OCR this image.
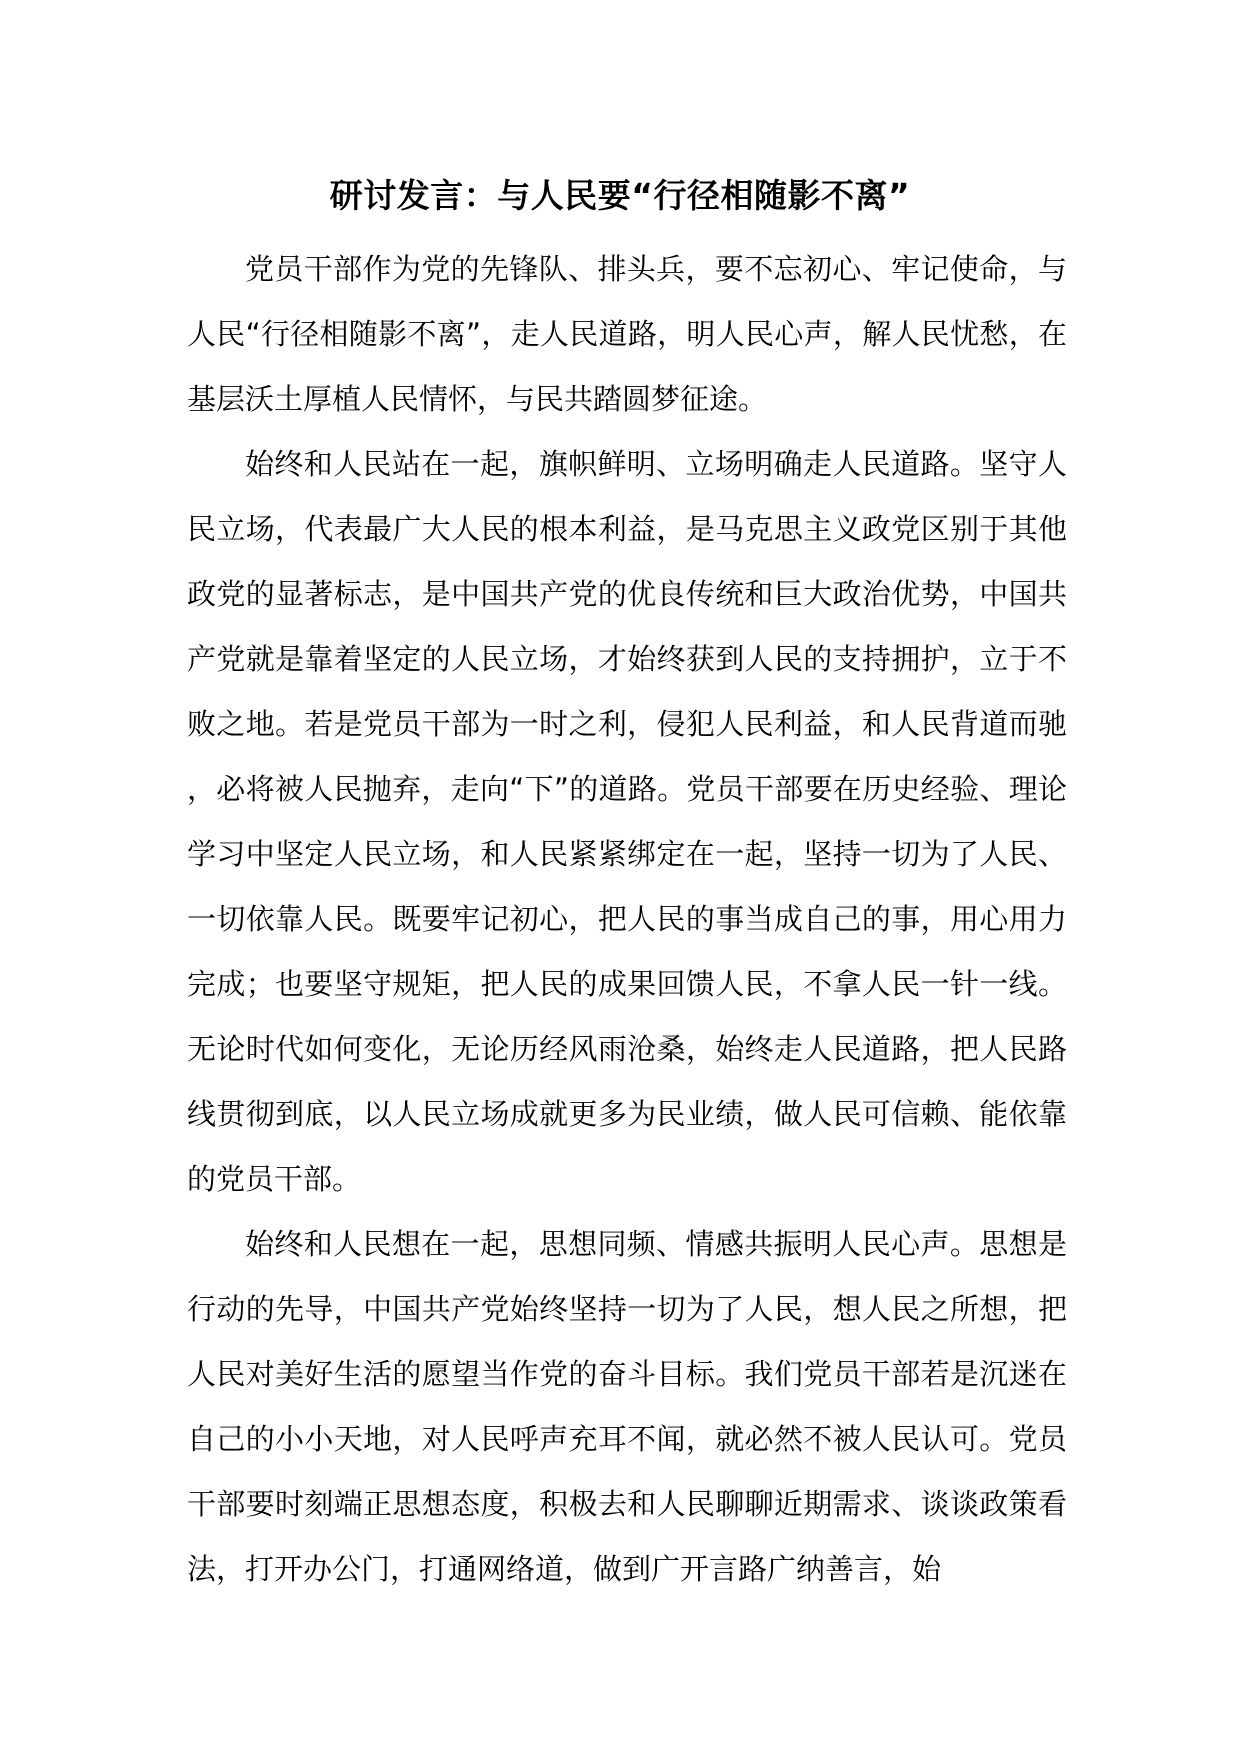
研讨发言：与人民要“行径相随影不离”

党员干部作为党的先锋队、排头兵，要不忘初心、牢记使命，与人民“行径相随影不离”，走人民道路，明人民心声，解人民忧愁，在基层沃土厚植人民情怀，与民共踏圆梦征途。

始终和人民站在一起，旗帜鲜明、立场明确走人民道路。坚守人民立场，代表最广大人民的根本利益，是马克思主义政党区别于其他政党的显著标志，是中国共产党的优良传统和巨大政治优势，中国共产党就是靠着坚定的人民立场，才始终获到人民的支持拥护，立于不败之地。若是党员干部为一时之利，侵犯人民利益，和人民背道而驰，必将被人民抛弃，走向“下”的道路。党员干部要在历史经验、理论学习中坚定人民立场，和人民紧紧绑定在一起，坚持一切为了人民、一切依靠人民。既要牢记初心，把人民的事当成自己的事，用心用力完成；也要坚守规矩，把人民的成果回馈人民，不拿人民一针一线。无论时代如何变化，无论历经风雨沧桑，始终走人民道路，把人民路线贯彻到底，以人民立场成就更多为民业绩，做人民可信赖、能依靠的党员干部。

始终和人民想在一起，思想同频、情感共振明人民心声。思想是行动的先导，中国共产党始终坚持一切为了人民，想人民之所想，把人民对美好生活的愿望当作党的奋斗目标。我们党员干部若是沉迷在自己的小小天地，对人民呼声充耳不闻，就必然不被人民认可。党员干部要时刻端正思想态度，积极去和人民聊聊近期需求、谈谈政策看法，打开办公门，打通网络道，做到广开言路广纳善言，始
